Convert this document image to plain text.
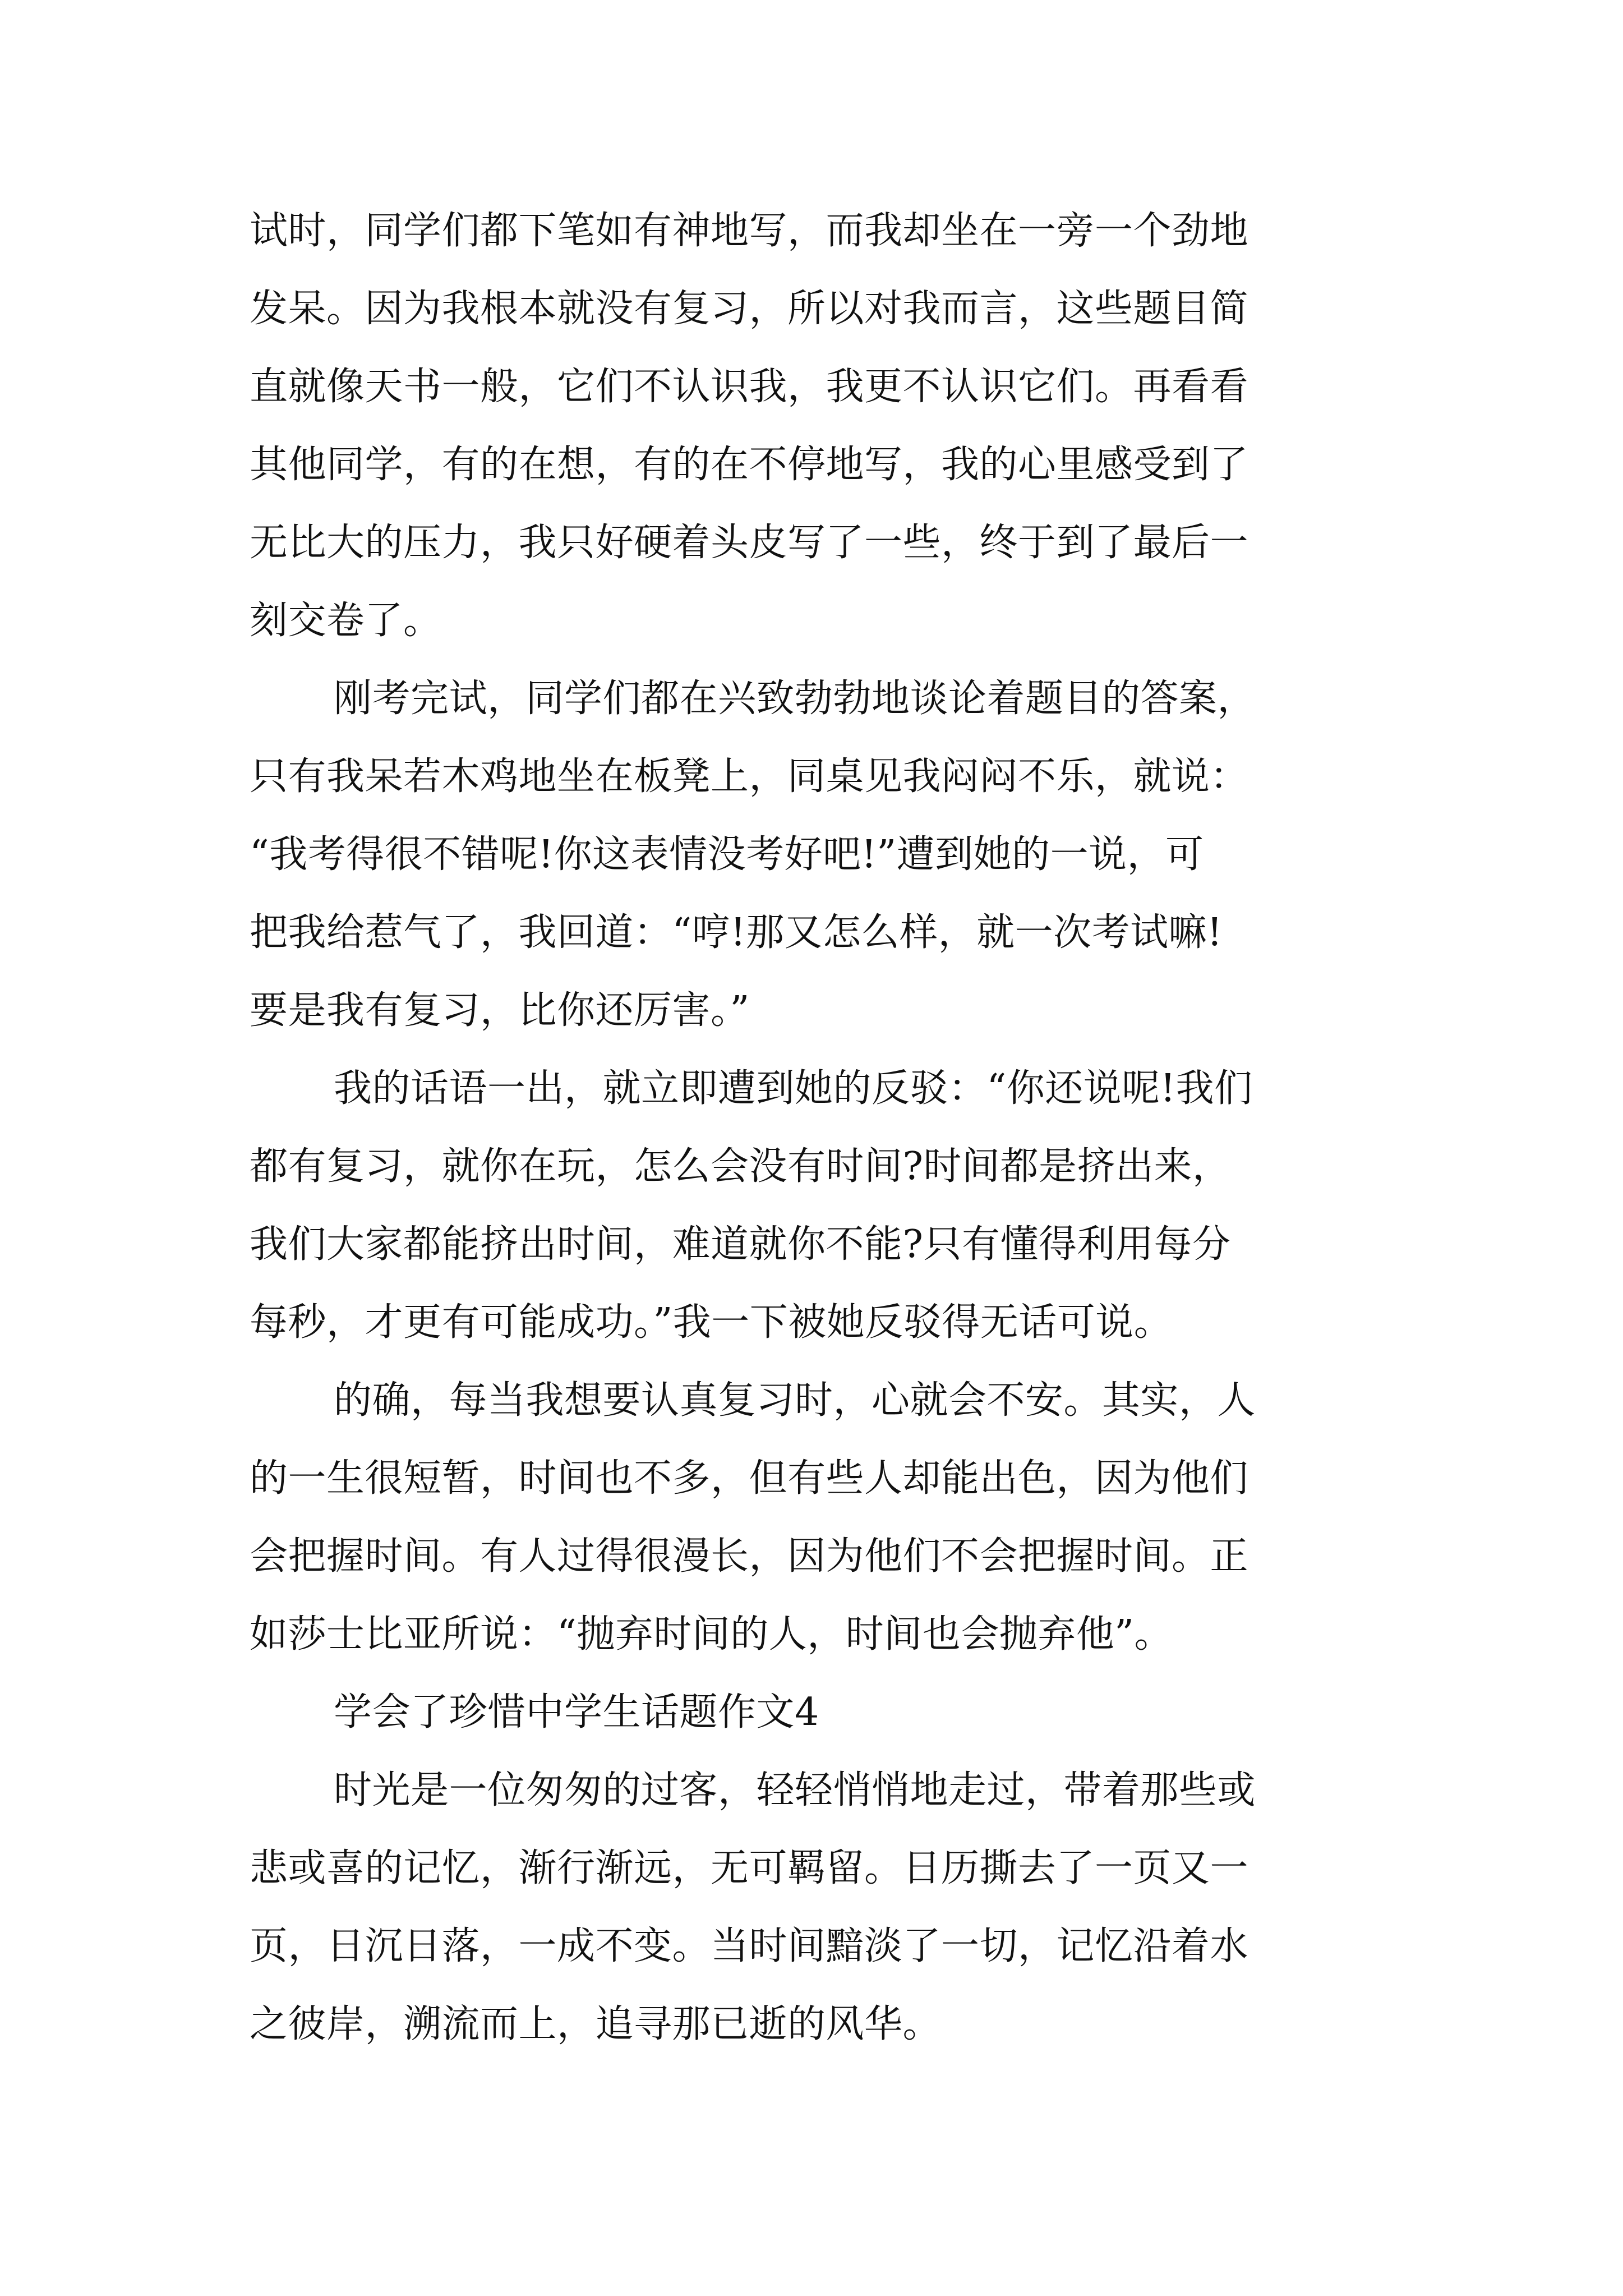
试时，同学们都下笔如有神地写，而我却坐在一旁一个劲地
发呆。因为我根本就没有复习，所以对我而言，这些题目简
直就像天书一般，它们不认识我，我更不认识它们。再看看
其他同学，有的在想，有的在不停地写，我的心里感受到了
无比大的压力，我只好硬着头皮写了一些，终于到了最后一
刻交卷了。
刚考完试，同学们都在兴致勃勃地谈论着题目的答案，
只有我呆若木鸡地坐在板凳上，同桌见我闷闷不乐，就说：
“我考得很不错呢!你这表情没考好吧!”遭到她的一说，可
把我给惹气了，我回道：“哼!那又怎么样，就一次考试嘛!
要是我有复习，比你还厉害。”
我的话语一出，就立即遭到她的反驳：“你还说呢!我们
都有复习，就你在玩，怎么会没有时间?时间都是挤出来，
我们大家都能挤出时间，难道就你不能?只有懂得利用每分
每秒，才更有可能成功。”我一下被她反驳得无话可说。
的确，每当我想要认真复习时，心就会不安。其实，人
的一生很短暂，时间也不多，但有些人却能出色，因为他们
会把握时间。有人过得很漫长，因为他们不会把握时间。正
如莎士比亚所说：“抛弃时间的人，时间也会抛弃他”。
学会了珍惜中学生话题作文4
时光是一位匆匆的过客，轻轻悄悄地走过，带着那些或
悲或喜的记忆，渐行渐远，无可羁留。日历撕去了一页又一
页，日沉日落，一成不变。当时间黯淡了一切，记忆沿着水
之彼岸，溯流而上，追寻那已逝的风华。
